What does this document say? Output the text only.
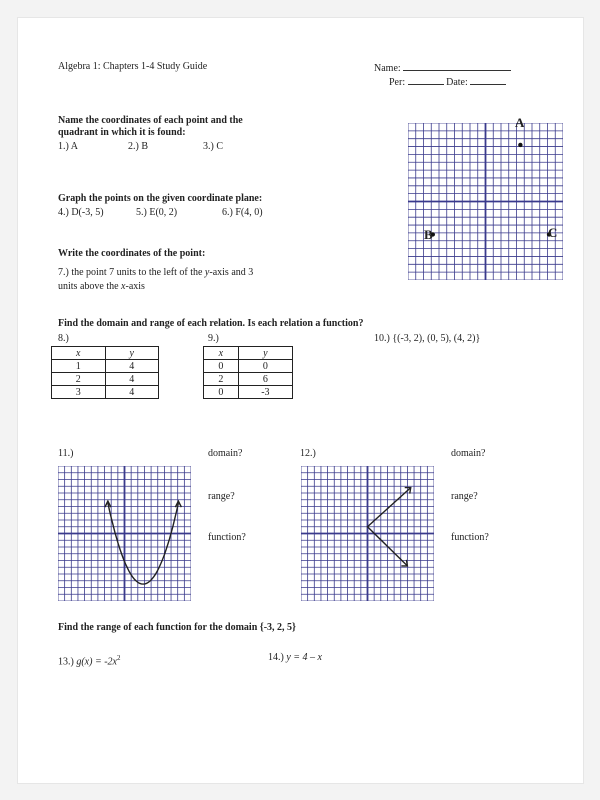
Algebra 1: Chapters 1-4 Study Guide	Name:
Per:	Date:
Name the coordinates of each point and the
quadrant in which it is found:
1.) A	2.) B	3.) C
A
B	C
Graph the points on the given coordinate plane:
4.) D(-3, 5)	5.) E(0, 2)	6.) F(4, 0)
Write the coordinates of the point:
7.) the point 7 units to the left of the y-axis and 3
units above the x-axis
Find the domain and range of each relation. Is each relation a function?
8.)	9.)	10.) {(-3, 2), (0, 5), (4, 2)}
x	y
1	4
2	4
3	4
x	y
0	0
2	6
0	-3
11.)	12.)
domain?
range?
function?
domain?
range?
function?
Find the range of each function for the domain {-3, 2, 5}
13.) $g(x) = -2x^2$	14.) y = 4 – x
